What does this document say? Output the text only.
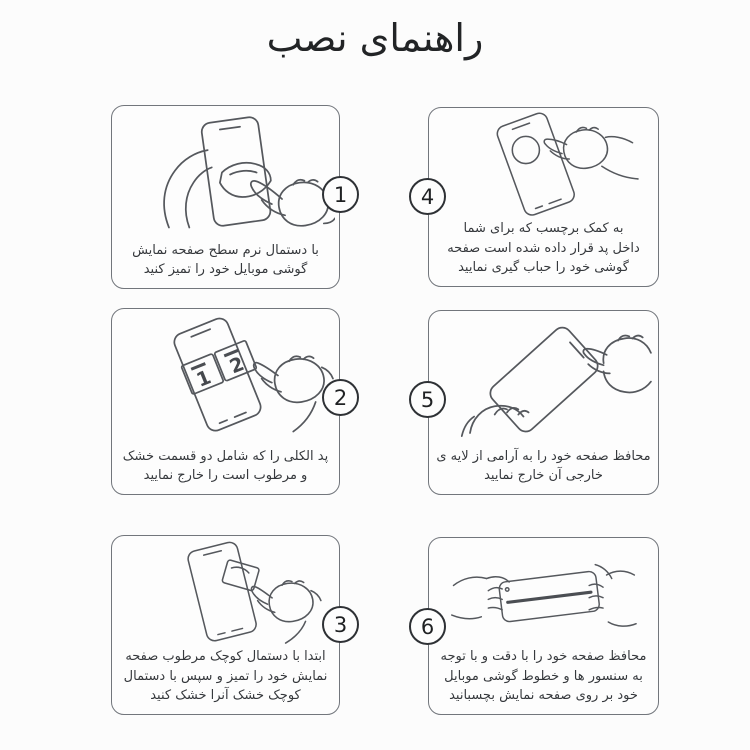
راهنمای نصب
با دستمال نرم سطح صفحه نمایش
گوشی موبایل خود را تمیز کنید
1
1
2
پد الکلی را که شامل دو قسمت خشک
و مرطوب است را خارج نمایید
2
ابتدا با دستمال کوچک مرطوب صفحه
نمایش خود را تمیز و سپس با دستمال
کوچک خشک آنرا خشک کنید
3
به کمک برچسب که برای شما
داخل پد قرار داده شده است صفحه
گوشی خود را حباب گیری نمایید
4
محافظ صفحه خود را به آرامی از لایه ی
خارجی آن خارج نمایید
5
محافظ صفحه خود را با دقت و با توجه
به سنسور ها و خطوط گوشی موبایل
خود بر روی صفحه نمایش بچسبانید
6
